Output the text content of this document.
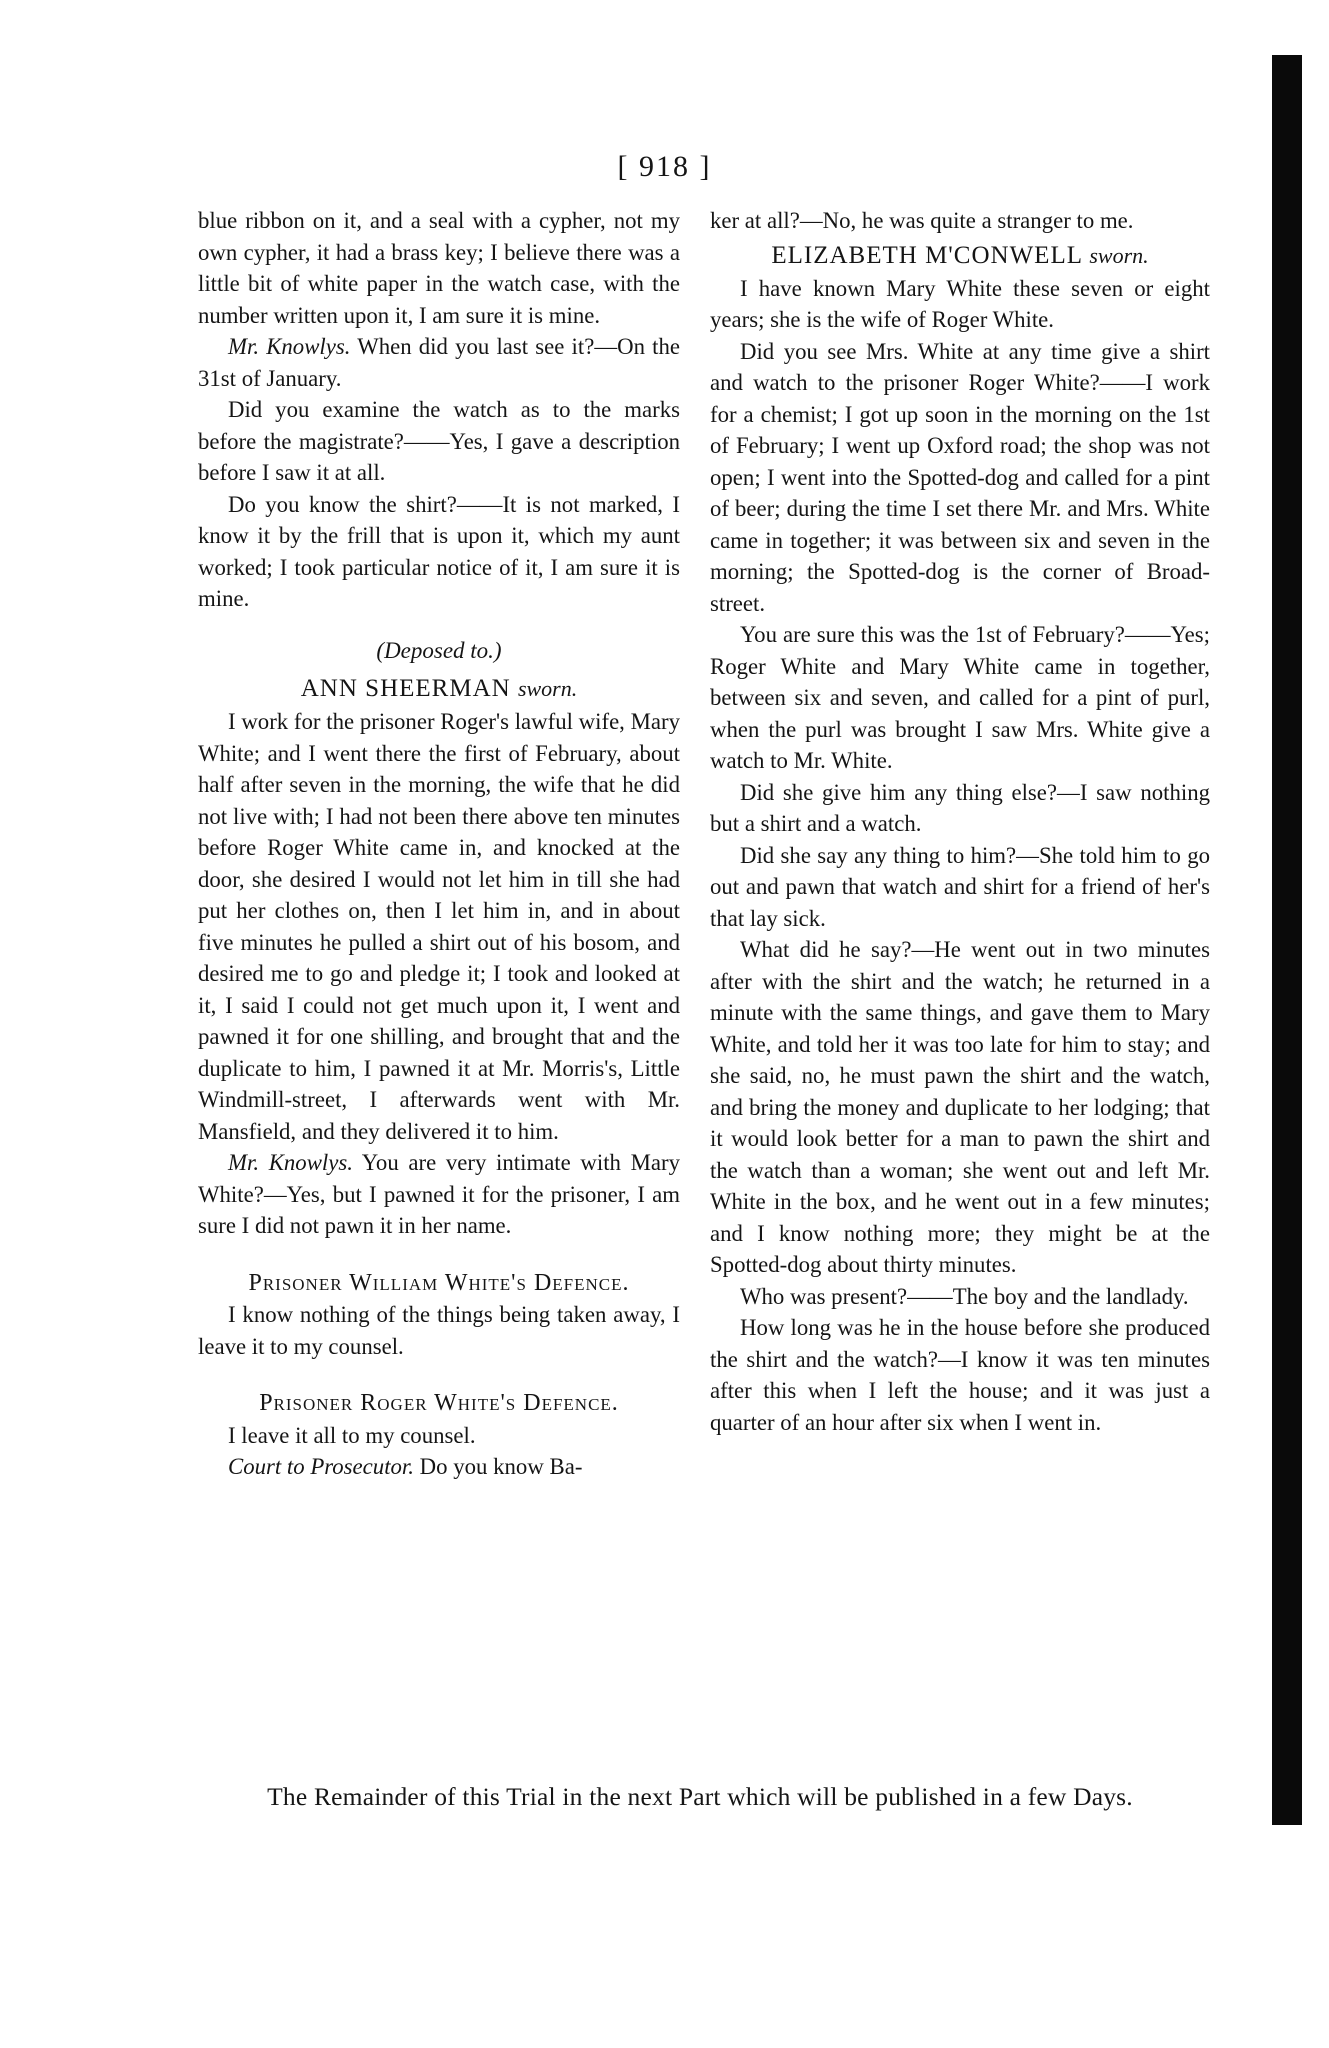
[ 918 ]

blue ribbon on it, and a seal with a cypher, not my own cypher, it had a brass key; I believe there was a little bit of white paper in the watch case, with the number written upon it, I am sure it is mine.

Mr. Knowlys. When did you last see it?—On the 31st of January.

Did you examine the watch as to the marks before the magistrate?——Yes, I gave a description before I saw it at all.

Do you know the shirt?——It is not marked, I know it by the frill that is upon it, which my aunt worked; I took particular notice of it, I am sure it is mine.

(Deposed to.)
ANN SHEERMAN sworn.

I work for the prisoner Roger's lawful wife, Mary White; and I went there the first of February, about half after seven in the morning, the wife that he did not live with; I had not been there above ten minutes before Roger White came in, and knocked at the door, she desired I would not let him in till she had put her clothes on, then I let him in, and in about five minutes he pulled a shirt out of his bosom, and desired me to go and pledge it; I took and looked at it, I said I could not get much upon it, I went and pawned it for one shilling, and brought that and the duplicate to him, I pawned it at Mr. Morris's, Little Windmill-street, I afterwards went with Mr. Mansfield, and they delivered it to him.

Mr. Knowlys. You are very intimate with Mary White?—Yes, but I pawned it for the prisoner, I am sure I did not pawn it in her name.

Prisoner William White's Defence.

I know nothing of the things being taken away, I leave it to my counsel.

Prisoner Roger White's Defence.

I leave it all to my counsel.

Court to Prosecutor. Do you know Ba-

ker at all?—No, he was quite a stranger to me.

ELIZABETH M'CONWELL sworn.

I have known Mary White these seven or eight years; she is the wife of Roger White.

Did you see Mrs. White at any time give a shirt and watch to the prisoner Roger White?——I work for a chemist; I got up soon in the morning on the 1st of February; I went up Oxford road; the shop was not open; I went into the Spotted-dog and called for a pint of beer; during the time I set there Mr. and Mrs. White came in together; it was between six and seven in the morning; the Spotted-dog is the corner of Broad-street.

You are sure this was the 1st of February?——Yes; Roger White and Mary White came in together, between six and seven, and called for a pint of purl, when the purl was brought I saw Mrs. White give a watch to Mr. White.

Did she give him any thing else?—I saw nothing but a shirt and a watch.

Did she say any thing to him?—She told him to go out and pawn that watch and shirt for a friend of her's that lay sick.

What did he say?—He went out in two minutes after with the shirt and the watch; he returned in a minute with the same things, and gave them to Mary White, and told her it was too late for him to stay; and she said, no, he must pawn the shirt and the watch, and bring the money and duplicate to her lodging; that it would look better for a man to pawn the shirt and the watch than a woman; she went out and left Mr. White in the box, and he went out in a few minutes; and I know nothing more; they might be at the Spotted-dog about thirty minutes.

Who was present?——The boy and the landlady.

How long was he in the house before she produced the shirt and the watch?—I know it was ten minutes after this when I left the house; and it was just a quarter of an hour after six when I went in.

The Remainder of this Trial in the next Part which will be published in a few Days.
